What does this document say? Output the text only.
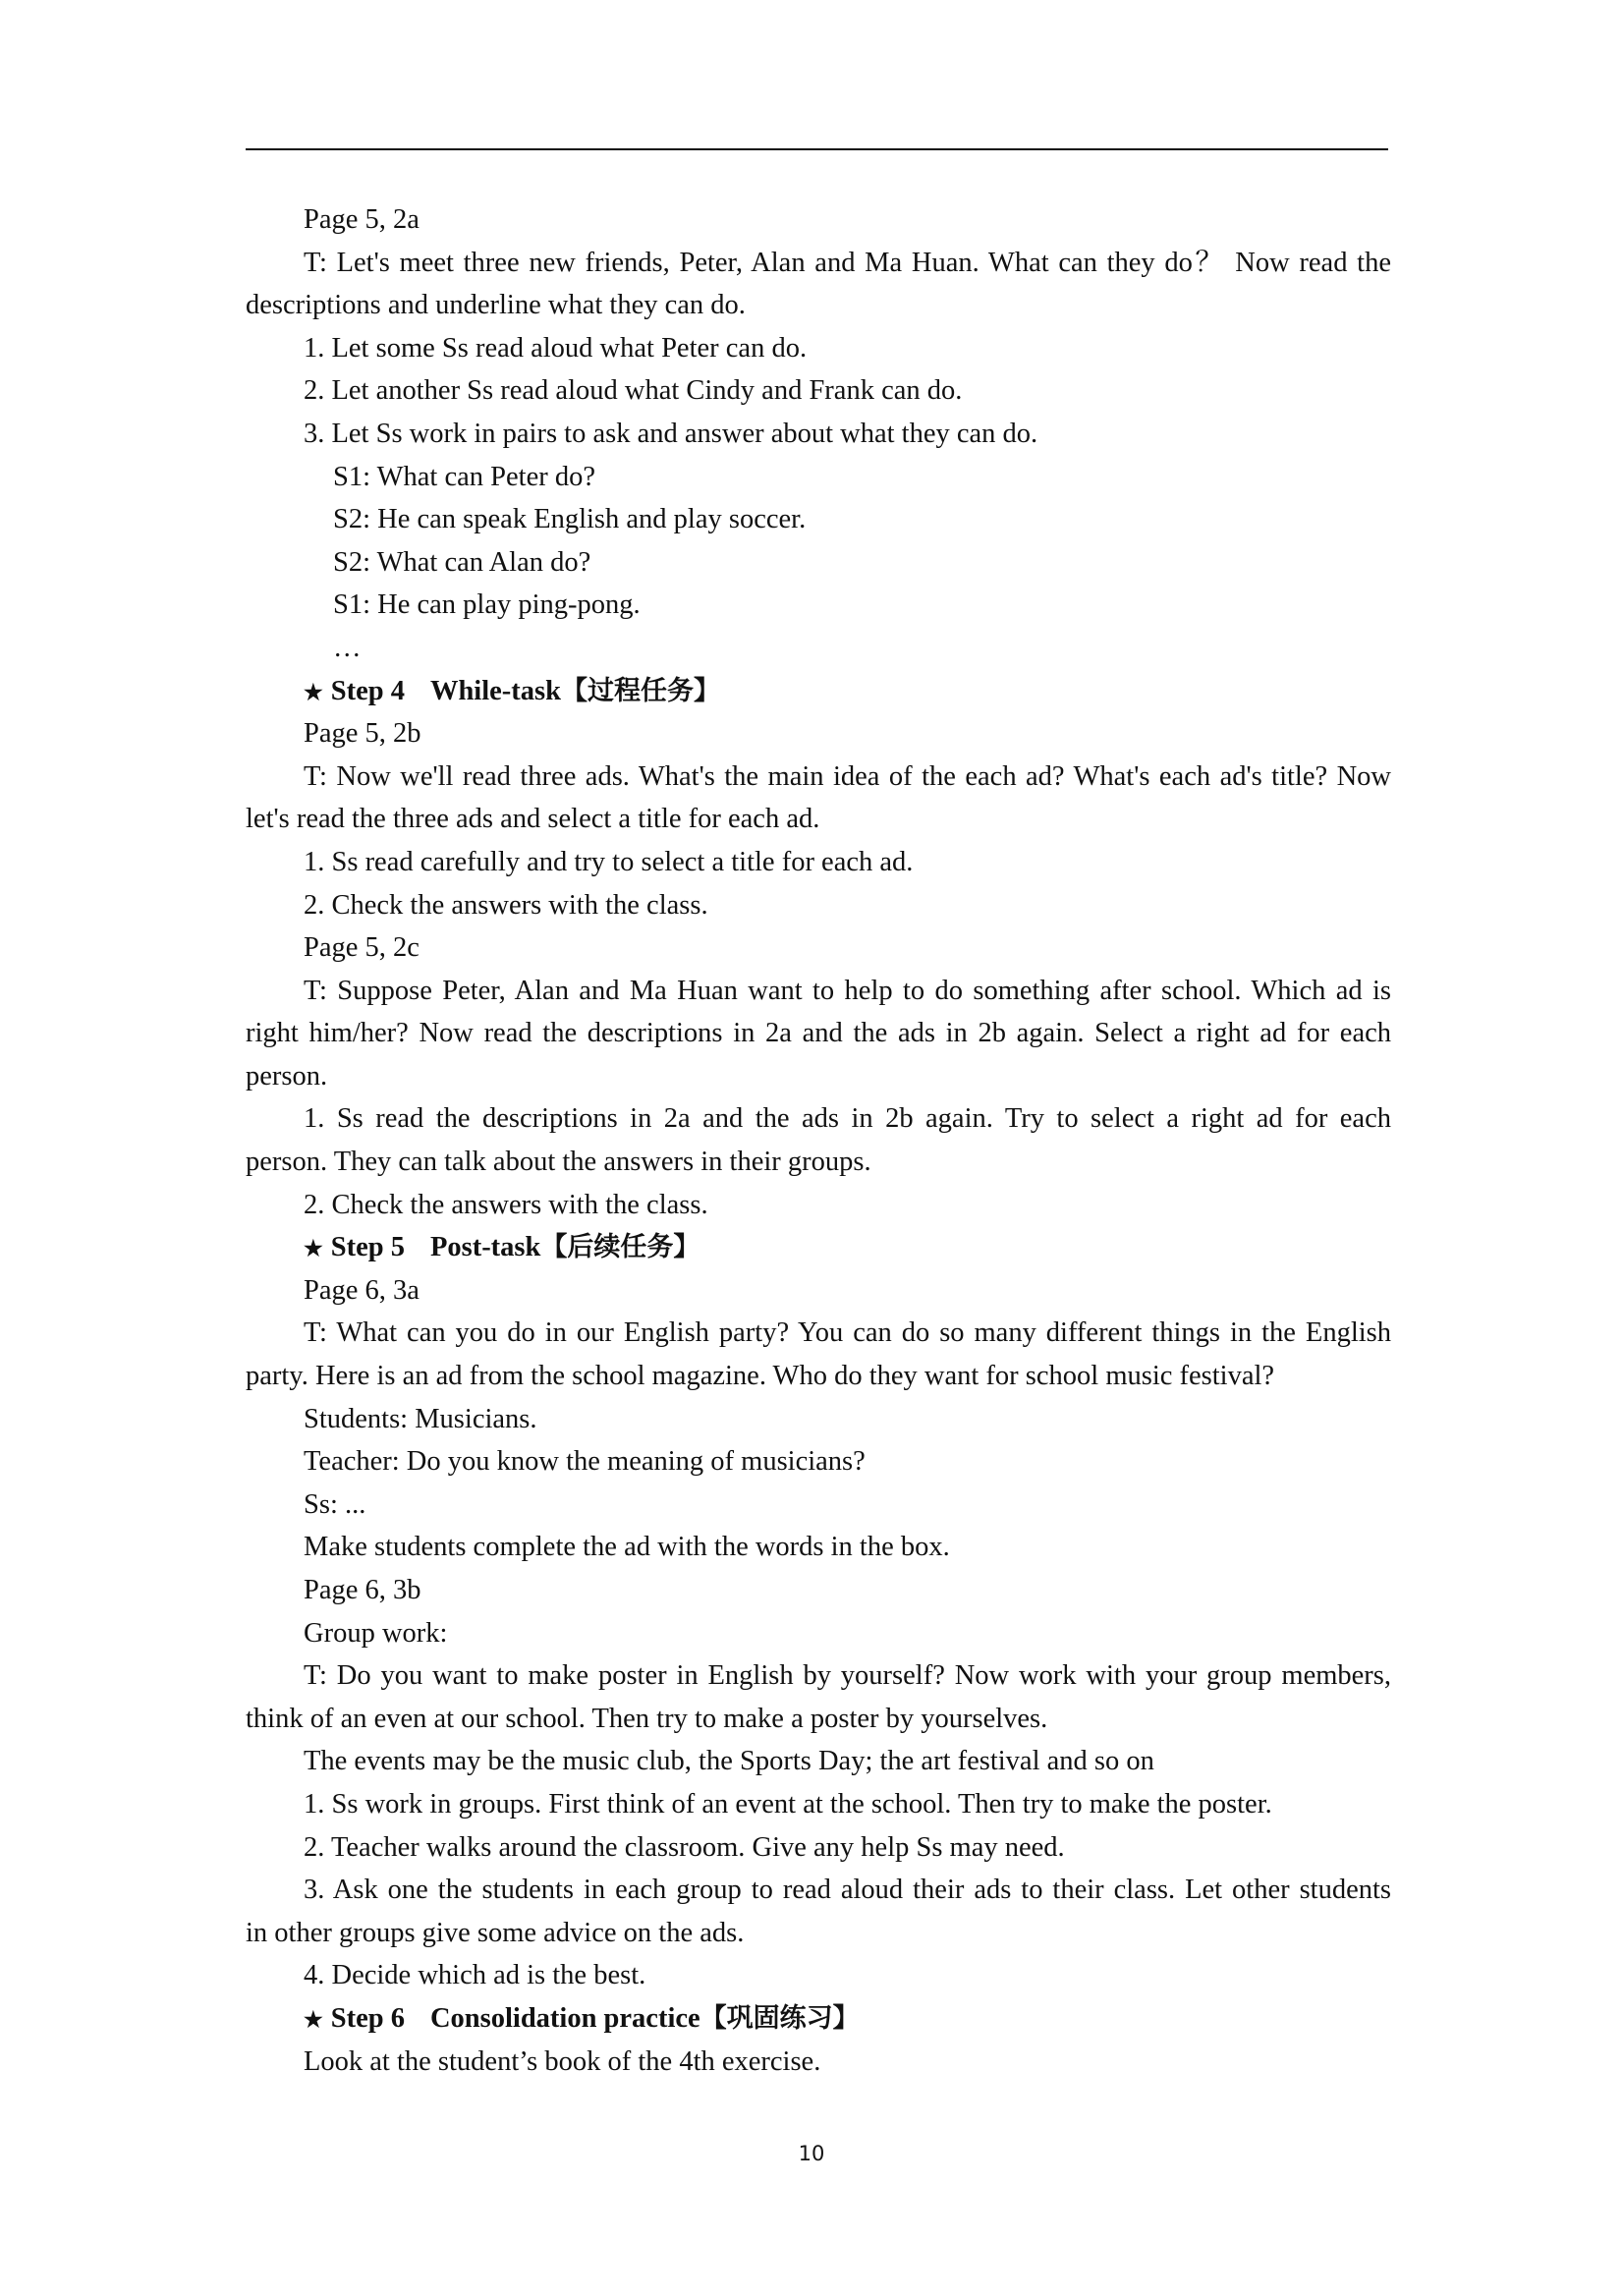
Page 5, 2a
T: Let's meet three new friends, Peter, Alan and Ma Huan. What can they do？ Now read the
descriptions and underline what they can do.
1. Let some Ss read aloud what Peter can do.
2. Let another Ss read aloud what Cindy and Frank can do.
3. Let Ss work in pairs to ask and answer about what they can do.
S1: What can Peter do?
S2: He can speak English and play soccer.
S2: What can Alan do?
S1: He can play ping-pong.
…
★ Step 4 While-task【过程任务】
Page 5, 2b
T: Now we'll read three ads. What's the main idea of the each ad? What's each ad's title? Now
let's read the three ads and select a title for each ad.
1. Ss read carefully and try to select a title for each ad.
2. Check the answers with the class.
Page 5, 2c
T: Suppose Peter, Alan and Ma Huan want to help to do something after school. Which ad is
right him/her? Now read the descriptions in 2a and the ads in 2b again. Select a right ad for each
person.
1. Ss read the descriptions in 2a and the ads in 2b again. Try to select a right ad for each
person. They can talk about the answers in their groups.
2. Check the answers with the class.
★ Step 5 Post-task【后续任务】
Page 6, 3a
T: What can you do in our English party? You can do so many different things in the English
party. Here is an ad from the school magazine. Who do they want for school music festival?
Students: Musicians.
Teacher: Do you know the meaning of musicians?
Ss: ...
Make students complete the ad with the words in the box.
Page 6, 3b
Group work:
T: Do you want to make poster in English by yourself? Now work with your group members,
think of an even at our school. Then try to make a poster by yourselves.
The events may be the music club, the Sports Day; the art festival and so on
1. Ss work in groups. First think of an event at the school. Then try to make the poster.
2. Teacher walks around the classroom. Give any help Ss may need.
3. Ask one the students in each group to read aloud their ads to their class. Let other students
in other groups give some advice on the ads.
4. Decide which ad is the best.
★ Step 6 Consolidation practice【巩固练习】
Look at the student’s book of the 4th exercise.
10
